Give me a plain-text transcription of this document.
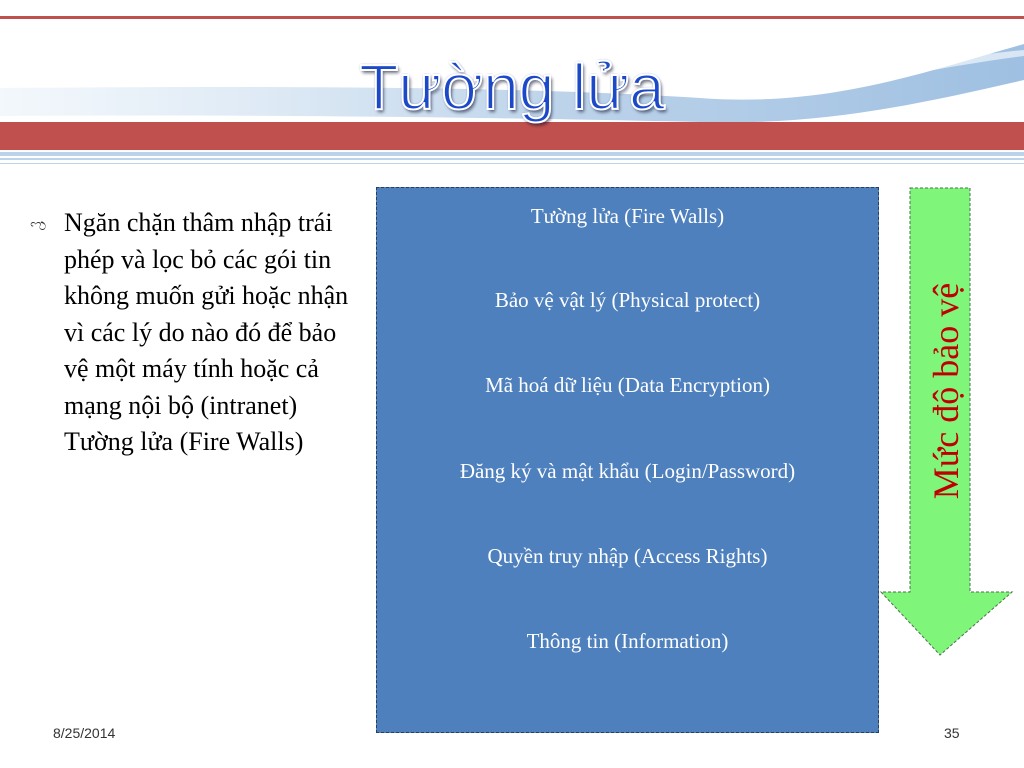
Tường lửa
ಌ Ngăn chặn thâm nhập trái phép và lọc bỏ các gói tin không muốn gửi hoặc nhận vì các lý do nào đó để bảo vệ một máy tính hoặc cả mạng nội bộ (intranet) Tường lửa (Fire Walls)

Tường lửa (Fire Walls)
Bảo vệ vật lý (Physical protect)
Mã hoá dữ liệu (Data Encryption)
Đăng ký và mật khẩu (Login/Password)
Quyền truy nhập (Access Rights)
Thông tin (Information)
Mức độ bảo vệ
8/25/2014	35
